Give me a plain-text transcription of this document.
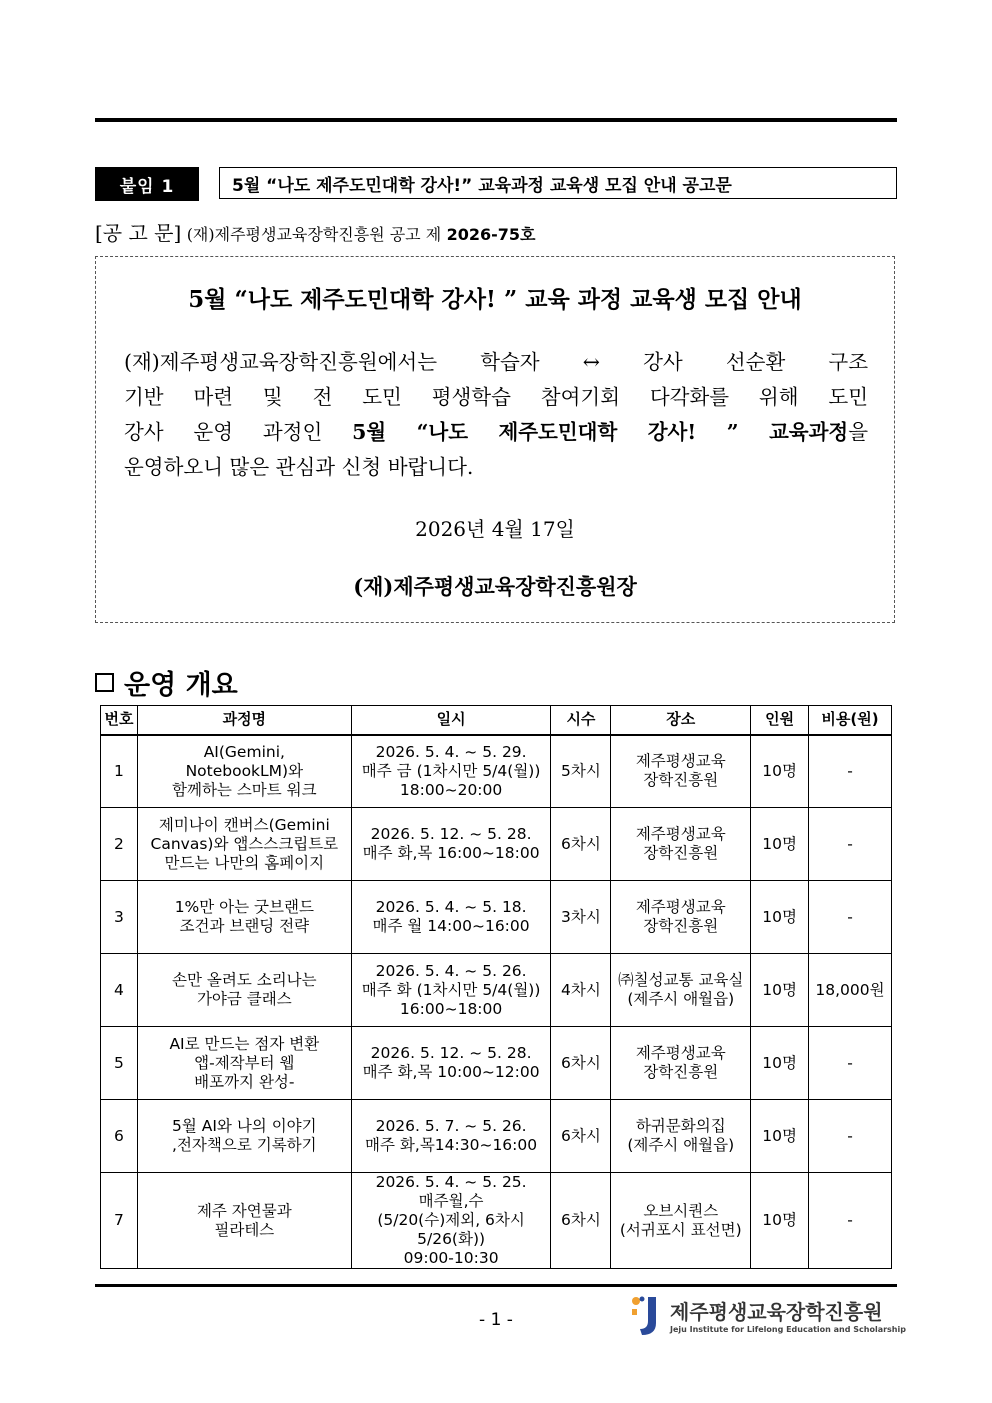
붙임 1	5월 “나도 제주도민대학 강사!” 교육과정 교육생 모집 안내 공고문
[공 고 문] (재)제주평생교육장학진흥원 공고 제 2026-75호
5월 “나도 제주도민대학 강사! ” 교육 과정 교육생 모집 안내
(재)제주평생교육장학진흥원에서는 학습자 ↔ 강사 선순환 구조
기반 마련 및 전 도민 평생학습 참여기회 다각화를 위해 도민
강사 운영 과정인 5월 “나도 제주도민대학 강사! ” 교육과정을
운영하오니 많은 관심과 신청 바랍니다.
2026년 4월 17일
(재)제주평생교육장학진흥원장
운영 개요
번호	과정명	일시	시수	장소	인원	비용(원)
1	AI(Gemini,
NotebookLM)와
함께하는 스마트 워크	2026. 5. 4. ~ 5. 29.
매주 금 (1차시만 5/4(월))
18:00~20:00	5차시	제주평생교육
장학진흥원	10명	-
2	제미나이 캔버스(Gemini
Canvas)와 앱스스크립트로
만드는 나만의 홈페이지	2026. 5. 12. ~ 5. 28.
매주 화,목 16:00~18:00	6차시	제주평생교육
장학진흥원	10명	-
3	1%만 아는 굿브랜드
조건과 브랜딩 전략	2026. 5. 4. ~ 5. 18.
매주 월 14:00~16:00	3차시	제주평생교육
장학진흥원	10명	-
4	손만 올려도 소리나는
가야금 클래스	2026. 5. 4. ~ 5. 26.
매주 화 (1차시만 5/4(월))
16:00~18:00	4차시	㈜칠성교통 교육실
(제주시 애월읍)	10명	18,000원
5	AI로 만드는 점자 변환
앱-제작부터 웹
배포까지 완성-	2026. 5. 12. ~ 5. 28.
매주 화,목 10:00~12:00	6차시	제주평생교육
장학진흥원	10명	-
6	5월 AI와 나의 이야기
,전자책으로 기록하기	2026. 5. 7. ~ 5. 26.
매주 화,목14:30~16:00	6차시	하귀문화의집
(제주시 애월읍)	10명	-
7	제주 자연물과
필라테스	2026. 5. 4. ~ 5. 25.
매주월,수
(5/20(수)제외, 6차시5/26(화))
09:00-10:30	6차시	오브시퀀스
(서귀포시 표선면)	10명	-
- 1 -	제주평생교육장학진흥원
Jeju Institute for Lifelong Education and Scholarship
